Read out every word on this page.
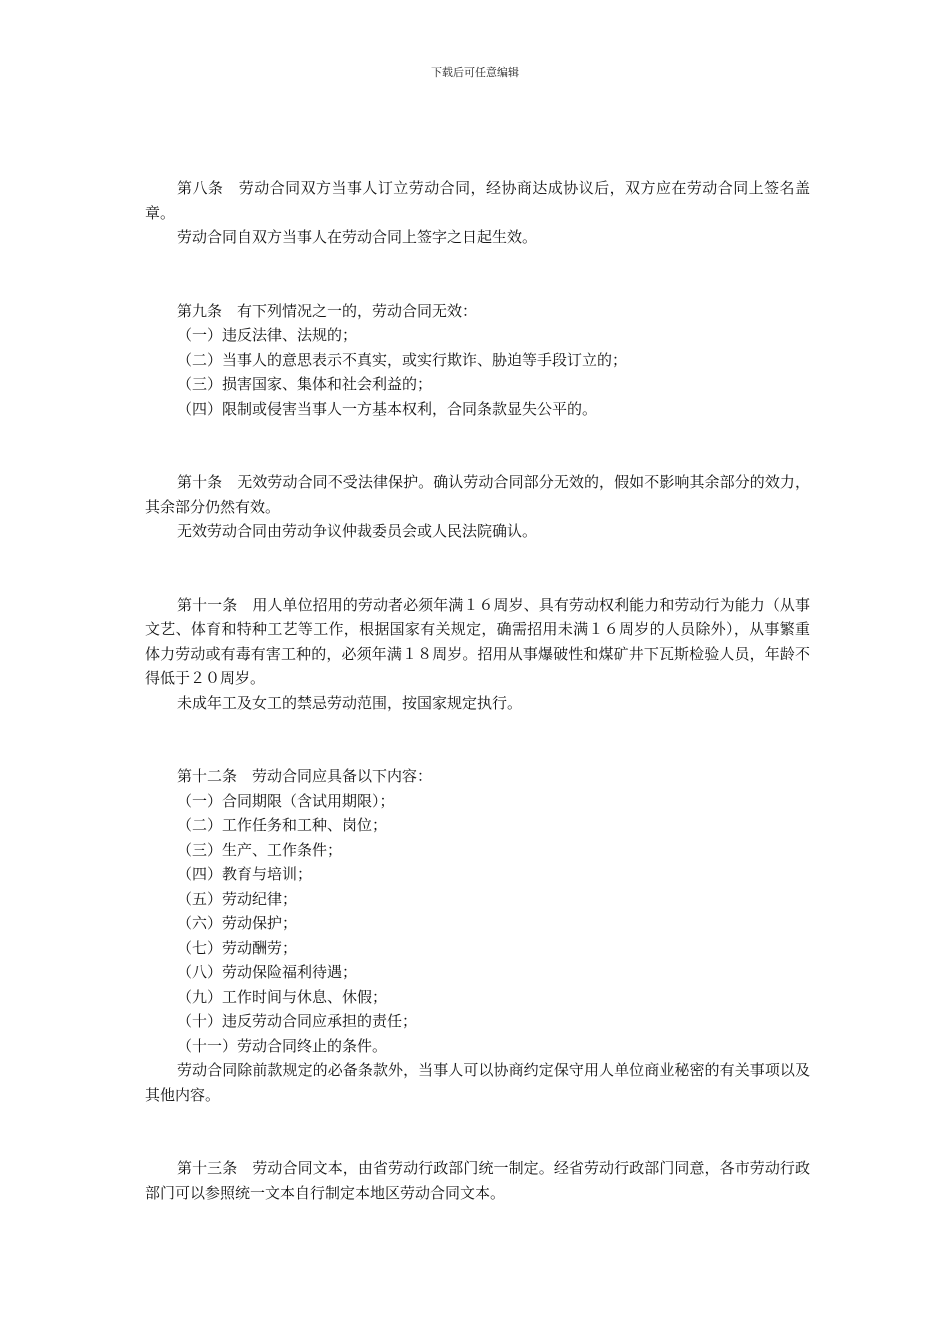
下载后可任意编辑

第八条　劳动合同双方当事人订立劳动合同，经协商达成协议后，双方应在劳动合同上签名盖章。

劳动合同自双方当事人在劳动合同上签字之日起生效。

第九条　有下列情况之一的，劳动合同无效：

（一）违反法律、法规的；

（二）当事人的意思表示不真实，或实行欺诈、胁迫等手段订立的；

（三）损害国家、集体和社会利益的；

（四）限制或侵害当事人一方基本权利，合同条款显失公平的。

第十条　无效劳动合同不受法律保护。确认劳动合同部分无效的，假如不影响其余部分的效力，其余部分仍然有效。

无效劳动合同由劳动争议仲裁委员会或人民法院确认。

第十一条　用人单位招用的劳动者必须年满１６周岁、具有劳动权利能力和劳动行为能力（从事文艺、体育和特种工艺等工作，根据国家有关规定，确需招用未满１６周岁的人员除外），从事繁重体力劳动或有毒有害工种的，必须年满１８周岁。招用从事爆破性和煤矿井下瓦斯检验人员，年龄不得低于２０周岁。

未成年工及女工的禁忌劳动范围，按国家规定执行。

第十二条　劳动合同应具备以下内容：

（一）合同期限（含试用期限）；

（二）工作任务和工种、岗位；

（三）生产、工作条件；

（四）教育与培训；

（五）劳动纪律；

（六）劳动保护；

（七）劳动酬劳；

（八）劳动保险福利待遇；

（九）工作时间与休息、休假；

（十）违反劳动合同应承担的责任；

（十一）劳动合同终止的条件。

劳动合同除前款规定的必备条款外，当事人可以协商约定保守用人单位商业秘密的有关事项以及其他内容。

第十三条　劳动合同文本，由省劳动行政部门统一制定。经省劳动行政部门同意，各市劳动行政部门可以参照统一文本自行制定本地区劳动合同文本。
